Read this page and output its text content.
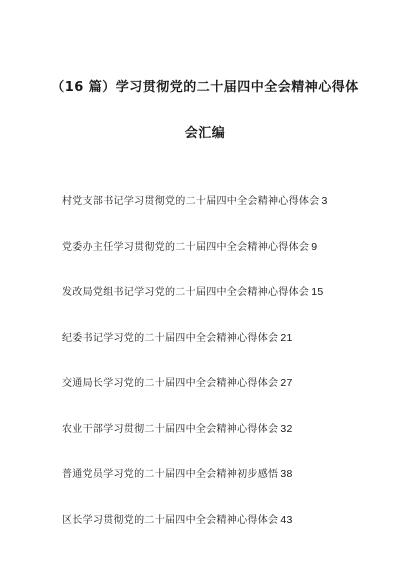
（16 篇）学习贯彻党的二十届四中全会精神心得体
会汇编
村党支部书记学习贯彻党的二十届四中全会精神心得体会 3
党委办主任学习贯彻党的二十届四中全会精神心得体会 9
发改局党组书记学习党的二十届四中全会精神心得体会 15
纪委书记学习党的二十届四中全会精神心得体会 21
交通局长学习党的二十届四中全会精神心得体会 27
农业干部学习贯彻二十届四中全会精神心得体会 32
普通党员学习党的二十届四中全会精神初步感悟 38
区长学习贯彻党的二十届四中全会精神心得体会 43
